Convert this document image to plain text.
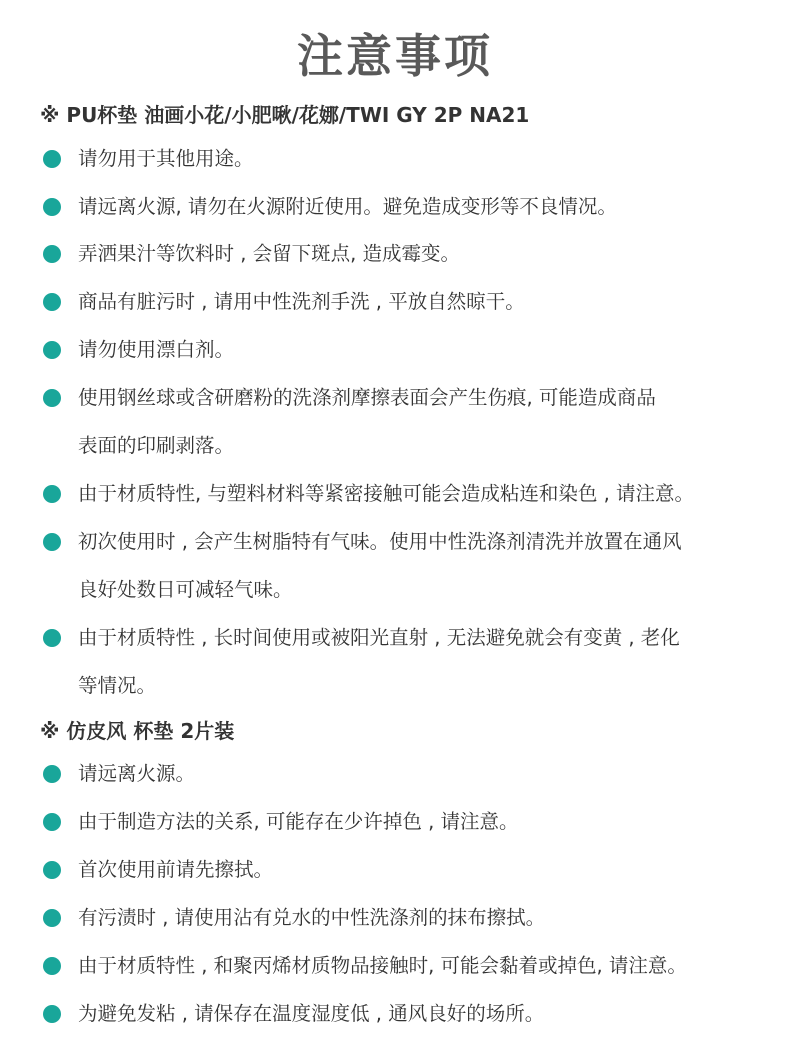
注意事项
※ PU杯垫 油画小花/小肥啾/花娜/TWI GY 2P NA21
请勿用于其他用途。
请远离火源, 请勿在火源附近使用。避免造成变形等不良情况。
弄洒果汁等饮料时 , 会留下斑点, 造成霉变。
商品有脏污时 , 请用中性洗剂手洗 , 平放自然晾干。
请勿使用漂白剂。
使用钢丝球或含研磨粉的洗涤剂摩擦表面会产生伤痕, 可能造成商品
表面的印刷剥落。
由于材质特性, 与塑料材料等紧密接触可能会造成粘连和染色 , 请注意。
初次使用时 , 会产生树脂特有气味。使用中性洗涤剂清洗并放置在通风
良好处数日可减轻气味。
由于材质特性 , 长时间使用或被阳光直射 , 无法避免就会有变黄 , 老化
等情况。
※ 仿皮风 杯垫 2片装
请远离火源。
由于制造方法的关系, 可能存在少许掉色 , 请注意。
首次使用前请先擦拭。
有污渍时 , 请使用沾有兑水的中性洗涤剂的抹布擦拭。
由于材质特性 , 和聚丙烯材质物品接触时, 可能会黏着或掉色, 请注意。
为避免发粘 , 请保存在温度湿度低 , 通风良好的场所。
